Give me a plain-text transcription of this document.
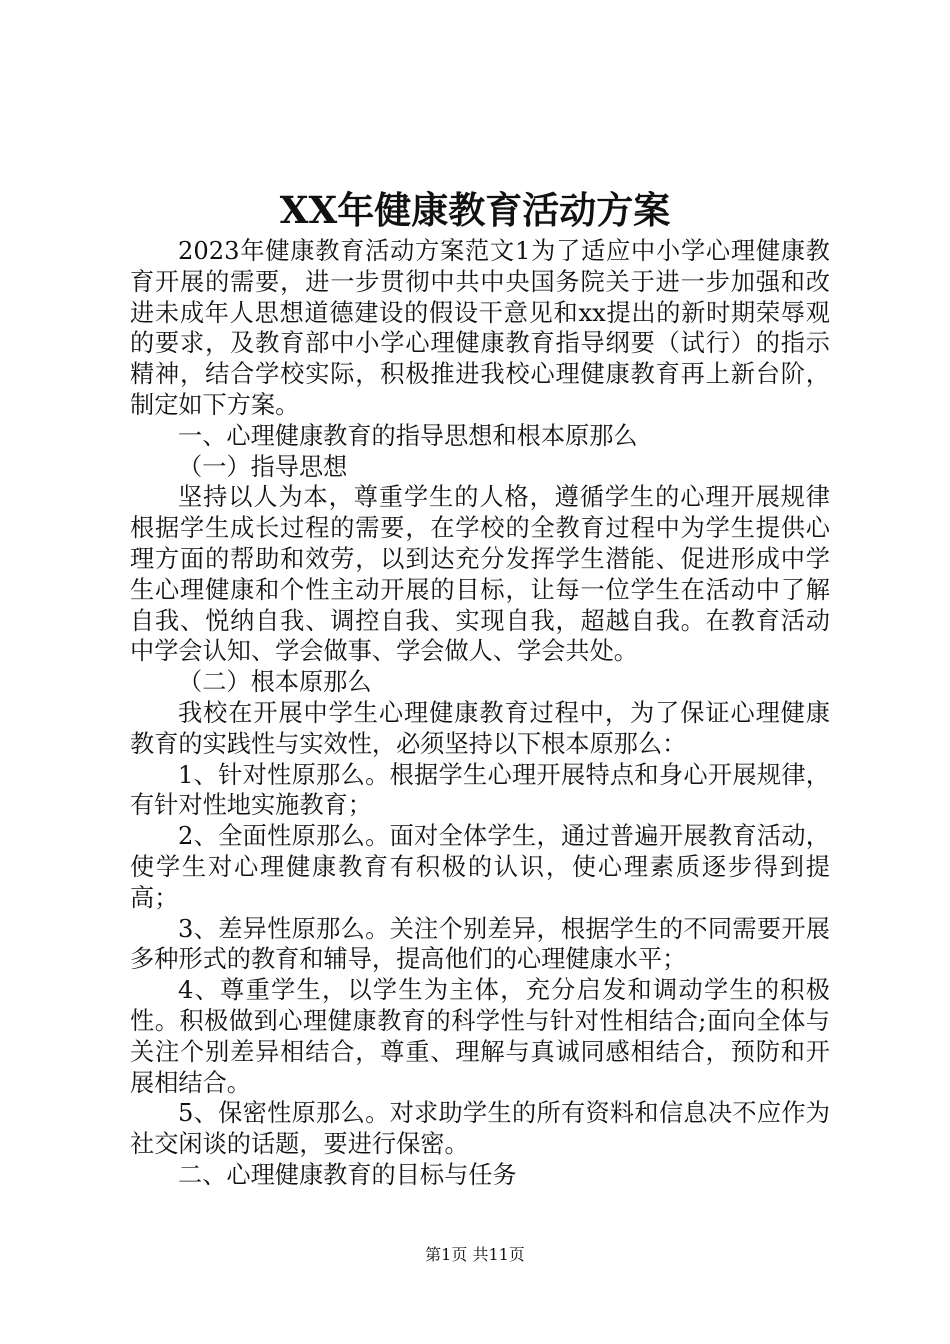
XX年健康教育活动方案

2023年健康教育活动方案范文1为了适应中小学心理健康教育开展的需要，进一步贯彻中共中央国务院关于进一步加强和改进未成年人思想道德建设的假设干意见和xx提出的新时期荣辱观的要求，及教育部中小学心理健康教育指导纲要（试行）的指示精神，结合学校实际，积极推进我校心理健康教育再上新台阶，制定如下方案。

一、心理健康教育的指导思想和根本原那么

（一）指导思想

坚持以人为本，尊重学生的人格，遵循学生的心理开展规律根据学生成长过程的需要，在学校的全教育过程中为学生提供心理方面的帮助和效劳，以到达充分发挥学生潜能、促进形成中学生心理健康和个性主动开展的目标，让每一位学生在活动中了解自我、悦纳自我、调控自我、实现自我，超越自我。在教育活动中学会认知、学会做事、学会做人、学会共处。

（二）根本原那么

我校在开展中学生心理健康教育过程中，为了保证心理健康教育的实践性与实效性，必须坚持以下根本原那么：

1、针对性原那么。根据学生心理开展特点和身心开展规律，有针对性地实施教育；

2、全面性原那么。面对全体学生，通过普遍开展教育活动，使学生对心理健康教育有积极的认识，使心理素质逐步得到提高；

3、差异性原那么。关注个别差异，根据学生的不同需要开展多种形式的教育和辅导，提高他们的心理健康水平；

4、尊重学生，以学生为主体，充分启发和调动学生的积极性。积极做到心理健康教育的科学性与针对性相结合;面向全体与关注个别差异相结合，尊重、理解与真诚同感相结合，预防和开展相结合。

5、保密性原那么。对求助学生的所有资料和信息决不应作为社交闲谈的话题，要进行保密。

二、心理健康教育的目标与任务

第1页 共11页
